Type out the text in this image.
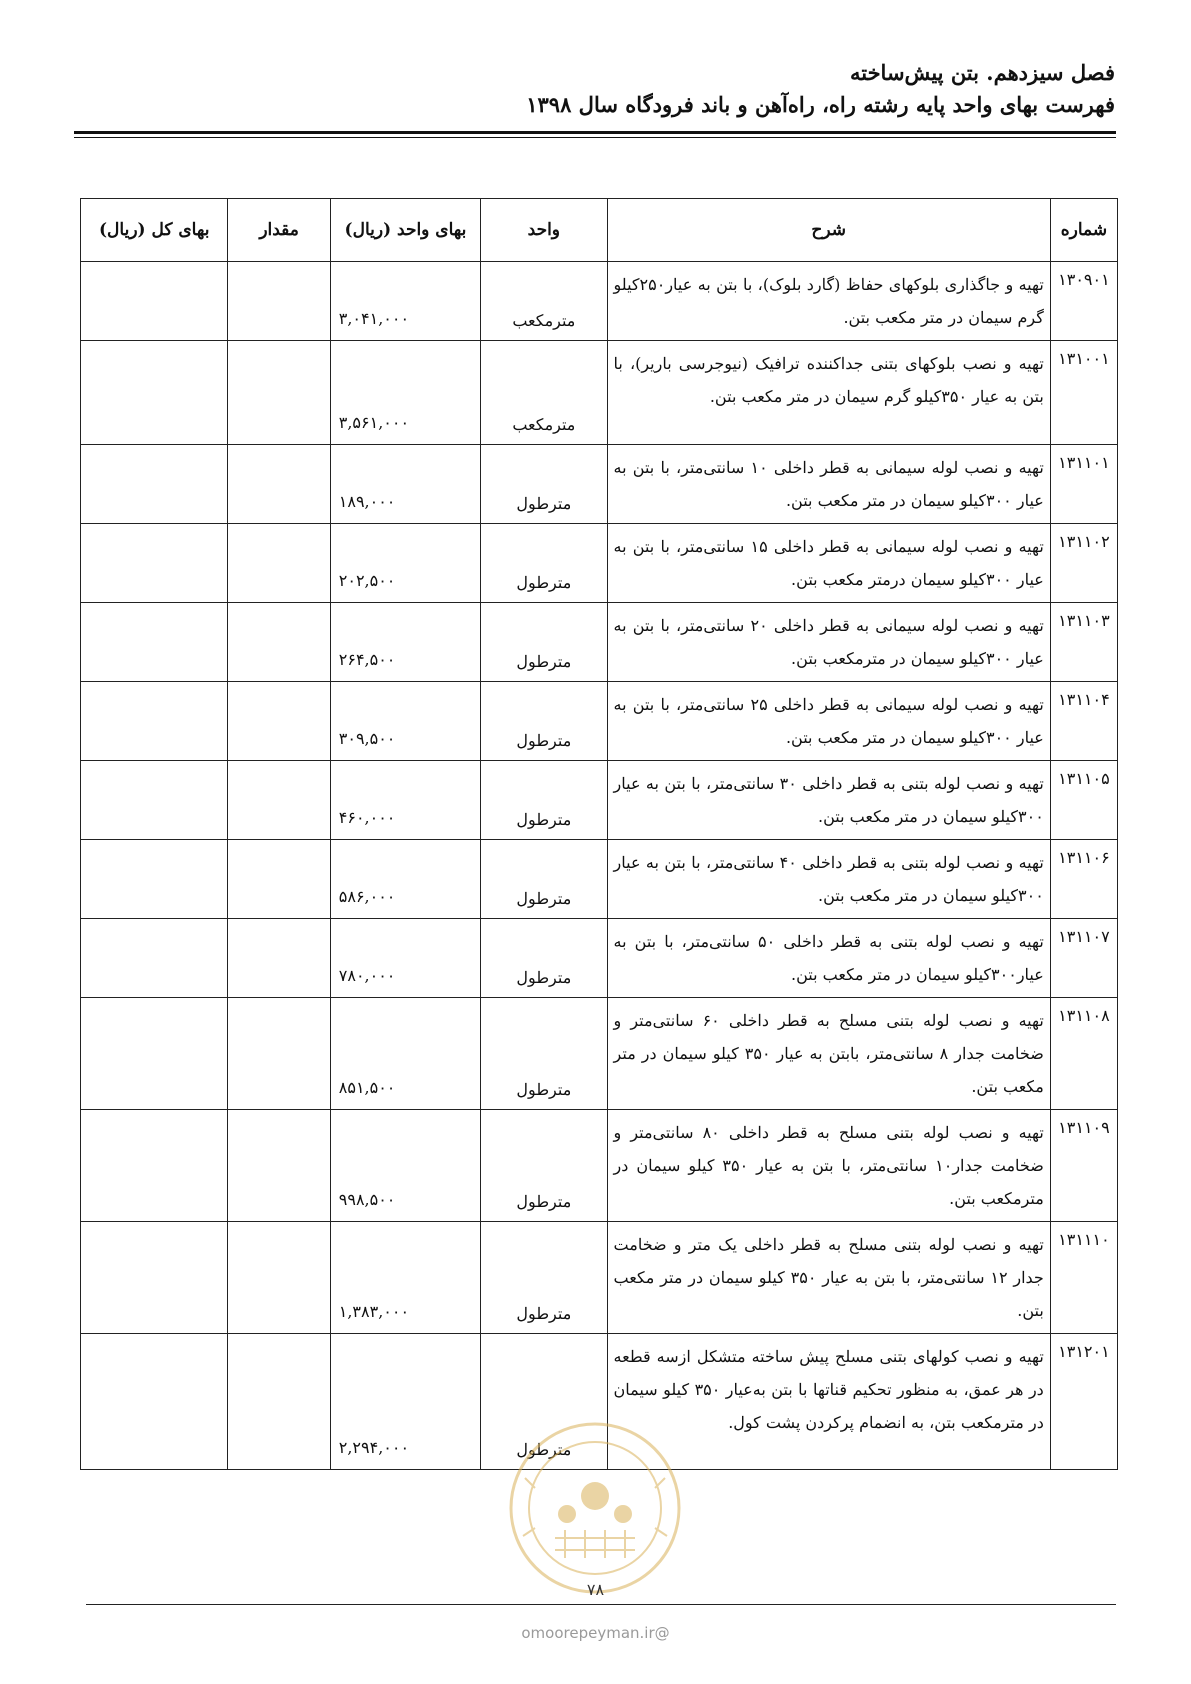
فصل سیزدهم. بتن پیش‌ساخته
فهرست بهای واحد پایه رشته راه، راه‌آهن و باند فرودگاه سال ۱۳۹۸
شماره	شرح	واحد	بهای واحد (ریال)	مقدار	بهای کل (ریال)
۱۳۰۹۰۱	تهیه و جاگذاری بلوکهای حفاظ (گارد بلوک)، با بتن به عیار۲۵۰کیلو گرم سیمان در متر مکعب بتن.	مترمکعب	۳,۰۴۱,۰۰۰		
۱۳۱۰۰۱	تهیه و نصب بلوکهای بتنی جداکننده ترافیک (نیوجرسی باریر)، با بتن به عیار ۳۵۰کیلو گرم سیمان در متر مکعب بتن.	مترمکعب	۳,۵۶۱,۰۰۰		
۱۳۱۱۰۱	تهیه و نصب لوله سیمانی به قطر داخلی ۱۰ سانتی‌متر، با بتن به عیار ۳۰۰کیلو سیمان در متر مکعب بتن.	مترطول	۱۸۹,۰۰۰		
۱۳۱۱۰۲	تهیه و نصب لوله سیمانی به قطر داخلی ۱۵ سانتی‌متر، با بتن به عیار ۳۰۰کیلو سیمان درمتر مکعب بتن.	مترطول	۲۰۲,۵۰۰		
۱۳۱۱۰۳	تهیه و نصب لوله سیمانی به قطر داخلی ۲۰ سانتی‌متر، با بتن به عیار ۳۰۰کیلو سیمان در مترمکعب بتن.	مترطول	۲۶۴,۵۰۰		
۱۳۱۱۰۴	تهیه و نصب لوله سیمانی به قطر داخلی ۲۵ سانتی‌متر، با بتن به عیار ۳۰۰کیلو سیمان در متر مکعب بتن.	مترطول	۳۰۹,۵۰۰		
۱۳۱۱۰۵	تهیه و نصب لوله بتنی به قطر داخلی ۳۰ سانتی‌متر، با بتن به عیار ۳۰۰کیلو سیمان در متر مکعب بتن.	مترطول	۴۶۰,۰۰۰		
۱۳۱۱۰۶	تهیه و نصب لوله بتنی به قطر داخلی ۴۰ سانتی‌متر، با بتن به عیار ۳۰۰کیلو سیمان در متر مکعب بتن.	مترطول	۵۸۶,۰۰۰		
۱۳۱۱۰۷	تهیه و نصب لوله بتنی به قطر داخلی ۵۰ سانتی‌متر، با بتن به عیار۳۰۰کیلو سیمان در متر مکعب بتن.	مترطول	۷۸۰,۰۰۰		
۱۳۱۱۰۸	تهیه و نصب لوله بتنی مسلح به قطر داخلی ۶۰ سانتی‌متر و ضخامت جدار ۸ سانتی‌متر، بابتن به عیار ۳۵۰ کیلو سیمان در متر مکعب بتن.	مترطول	۸۵۱,۵۰۰		
۱۳۱۱۰۹	تهیه و نصب لوله بتنی مسلح به قطر داخلی ۸۰ سانتی‌متر و ضخامت جدار۱۰ سانتی‌متر، با بتن به عیار ۳۵۰ کیلو سیمان در مترمکعب بتن.	مترطول	۹۹۸,۵۰۰		
۱۳۱۱۱۰	تهیه و نصب لوله بتنی مسلح به قطر داخلی یک متر و ضخامت جدار ۱۲ سانتی‌متر، با بتن به عیار ۳۵۰ کیلو سیمان در متر مکعب بتن.	مترطول	۱,۳۸۳,۰۰۰		
۱۳۱۲۰۱	تهیه و نصب کولهای بتنی مسلح پیش ساخته متشکل ازسه قطعه در هر عمق، به منظور تحکیم قناتها با بتن به‌عیار ۳۵۰ کیلو سیمان در مترمکعب بتن، به انضمام پرکردن پشت کول.	مترطول	۲,۲۹۴,۰۰۰		
۷۸
@omoorepeyman.ir
